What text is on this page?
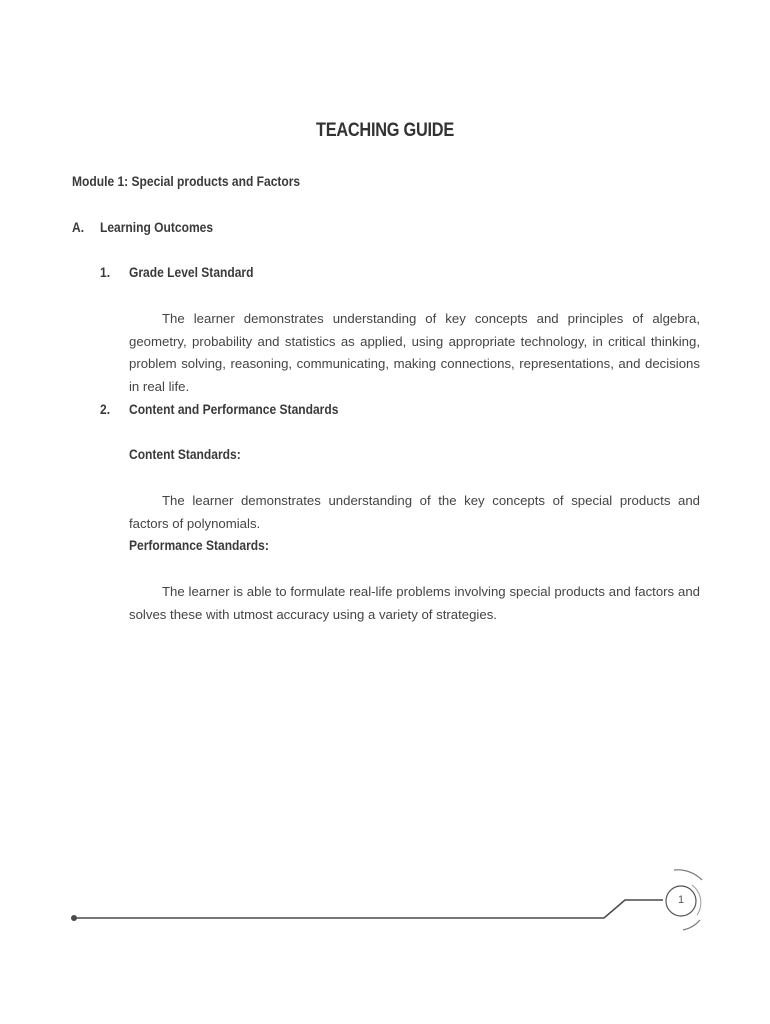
TEACHING GUIDE
Module 1: Special products and Factors
A. Learning Outcomes
1. Grade Level Standard
The learner demonstrates understanding of key concepts and principles of algebra, geometry, probability and statistics as applied, using appropriate technology, in critical thinking, problem solving, reasoning, communicating, making connections, representations, and decisions in real life.
2. Content and Performance Standards
Content Standards:
The learner demonstrates understanding of the key concepts of special products and factors of polynomials.
Performance Standards:
The learner is able to formulate real-life problems involving special products and factors and solves these with utmost accuracy using a variety of strategies.
1
